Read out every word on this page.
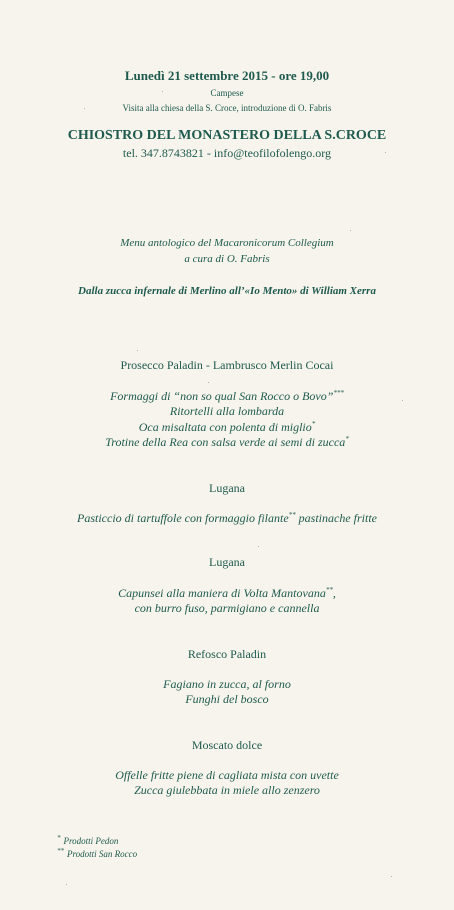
Lunedì 21 settembre 2015 - ore 19,00
Campese
Visita alla chiesa della S. Croce, introduzione di O. Fabris
CHIOSTRO DEL MONASTERO DELLA S.CROCE
tel. 347.8743821 - info@teofilofolengo.org
Menu antologico del Macaronicorum Collegium
a cura di O. Fabris
Dalla zucca infernale di Merlino all’«Io Mento» di William Xerra
Prosecco Paladin - Lambrusco Merlin Cocai
Formaggi di “non so qual San Rocco o Bovo”***
Ritortelli alla lombarda
Oca misaltata con polenta di miglio*
Trotine della Rea con salsa verde ai semi di zucca*
Lugana
Pasticcio di tartuffole con formaggio filante** pastinache fritte
Lugana
Capunsei alla maniera di Volta Mantovana**,
con burro fuso, parmigiano e cannella
Refosco Paladin
Fagiano in zucca, al forno
Funghi del bosco
Moscato dolce
Offelle fritte piene di cagliata mista con uvette
Zucca giulebbata in miele allo zenzero
* Prodotti Pedon
** Prodotti San Rocco
